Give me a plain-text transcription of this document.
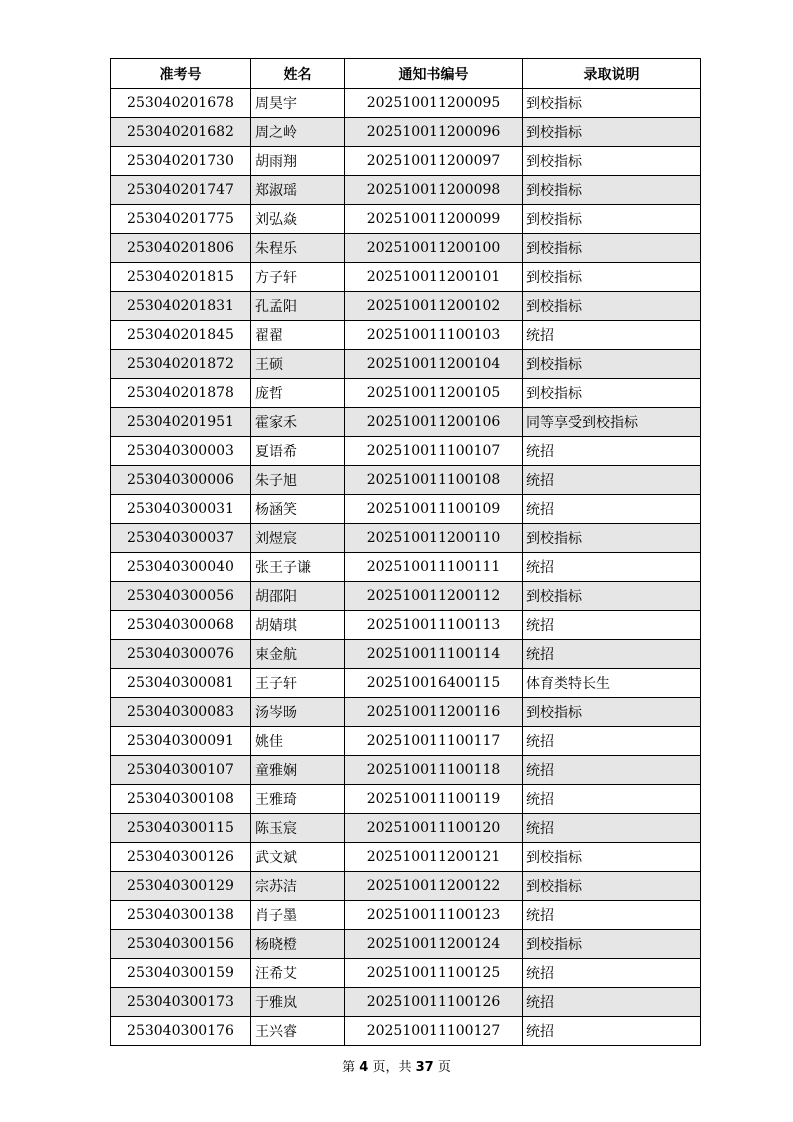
准考号	姓名	通知书编号	录取说明
253040201678	周昊宇	202510011200095	到校指标
253040201682	周之岭	202510011200096	到校指标
253040201730	胡雨翔	202510011200097	到校指标
253040201747	郑淑瑶	202510011200098	到校指标
253040201775	刘弘焱	202510011200099	到校指标
253040201806	朱程乐	202510011200100	到校指标
253040201815	方子轩	202510011200101	到校指标
253040201831	孔孟阳	202510011200102	到校指标
253040201845	翟翟	202510011100103	统招
253040201872	王硕	202510011200104	到校指标
253040201878	庞哲	202510011200105	到校指标
253040201951	霍家禾	202510011200106	同等享受到校指标
253040300003	夏语希	202510011100107	统招
253040300006	朱子旭	202510011100108	统招
253040300031	杨涵笑	202510011100109	统招
253040300037	刘煜宸	202510011200110	到校指标
253040300040	张王子谦	202510011100111	统招
253040300056	胡邵阳	202510011200112	到校指标
253040300068	胡婧琪	202510011100113	统招
253040300076	束金航	202510011100114	统招
253040300081	王子轩	202510016400115	体育类特长生
253040300083	汤岑旸	202510011200116	到校指标
253040300091	姚佳	202510011100117	统招
253040300107	童雅娴	202510011100118	统招
253040300108	王雅琦	202510011100119	统招
253040300115	陈玉宸	202510011100120	统招
253040300126	武文斌	202510011200121	到校指标
253040300129	宗苏洁	202510011200122	到校指标
253040300138	肖子墨	202510011100123	统招
253040300156	杨晓橙	202510011200124	到校指标
253040300159	汪希艾	202510011100125	统招
253040300173	于雅岚	202510011100126	统招
253040300176	王兴睿	202510011100127	统招
第 4 页，共 37 页
